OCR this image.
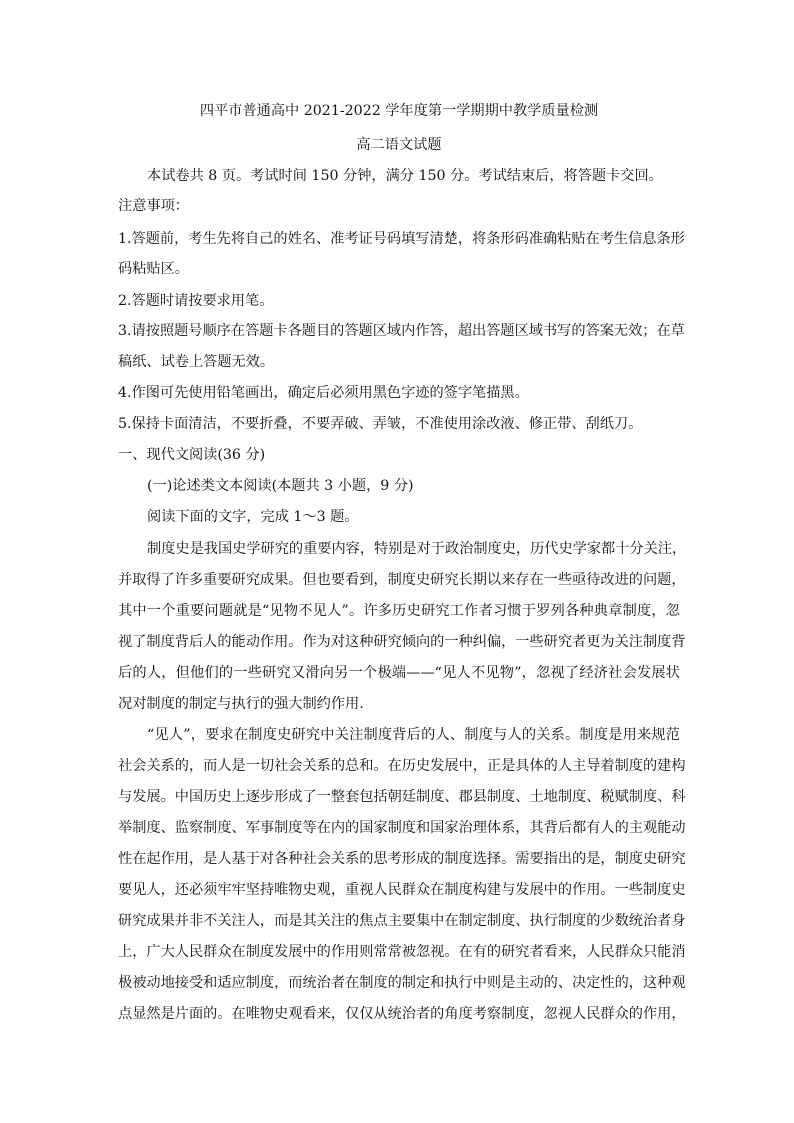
四平市普通高中 2021-2022 学年度第一学期期中教学质量检测
高二语文试题
本试卷共 8 页。考试时间 150 分钟，满分 150 分。考试结束后，将答题卡交回。
注意事项：
1.答题前，考生先将自己的姓名、准考证号码填写清楚，将条形码准确粘贴在考生信息条形
码粘贴区。
2.答题时请按要求用笔。
3.请按照题号顺序在答题卡各题目的答题区域内作答，超出答题区域书写的答案无效；在草
稿纸、试卷上答题无效。
4.作图可先使用铅笔画出，确定后必须用黑色字迹的签字笔描黑。
5.保持卡面清洁，不要折叠，不要弄破、弄皱，不准使用涂改液、修正带、刮纸刀。
一、现代文阅读(36 分)
(一)论述类文本阅读(本题共 3 小题，9 分)
阅读下面的文字，完成 1～3 题。
制度史是我国史学研究的重要内容，特别是对于政治制度史，历代史学家都十分关注，
并取得了许多重要研究成果。但也要看到，制度史研究长期以来存在一些亟待改进的问题，
其中一个重要问题就是“见物不见人”。许多历史研究工作者习惯于罗列各种典章制度，忽
视了制度背后人的能动作用。作为对这种研究倾向的一种纠偏，一些研究者更为关注制度背
后的人，但他们的一些研究又滑向另一个极端——“见人不见物”，忽视了经济社会发展状
况对制度的制定与执行的强大制约作用.
“见人”，要求在制度史研究中关注制度背后的人、制度与人的关系。制度是用来规范
社会关系的，而人是一切社会关系的总和。在历史发展中，正是具体的人主导着制度的建构
与发展。中国历史上逐步形成了一整套包括朝廷制度、郡县制度、土地制度、税赋制度、科
举制度、监察制度、军事制度等在内的国家制度和国家治理体系，其背后都有人的主观能动
性在起作用，是人基于对各种社会关系的思考形成的制度选择。需要指出的是，制度史研究
要见人，还必须牢牢坚持唯物史观，重视人民群众在制度构建与发展中的作用。一些制度史
研究成果并非不关注人，而是其关注的焦点主要集中在制定制度、执行制度的少数统治者身
上，广大人民群众在制度发展中的作用则常常被忽视。在有的研究者看来，人民群众只能消
极被动地接受和适应制度，而统治者在制度的制定和执行中则是主动的、决定性的，这种观
点显然是片面的。在唯物史观看来，仅仅从统治者的角度考察制度，忽视人民群众的作用，
